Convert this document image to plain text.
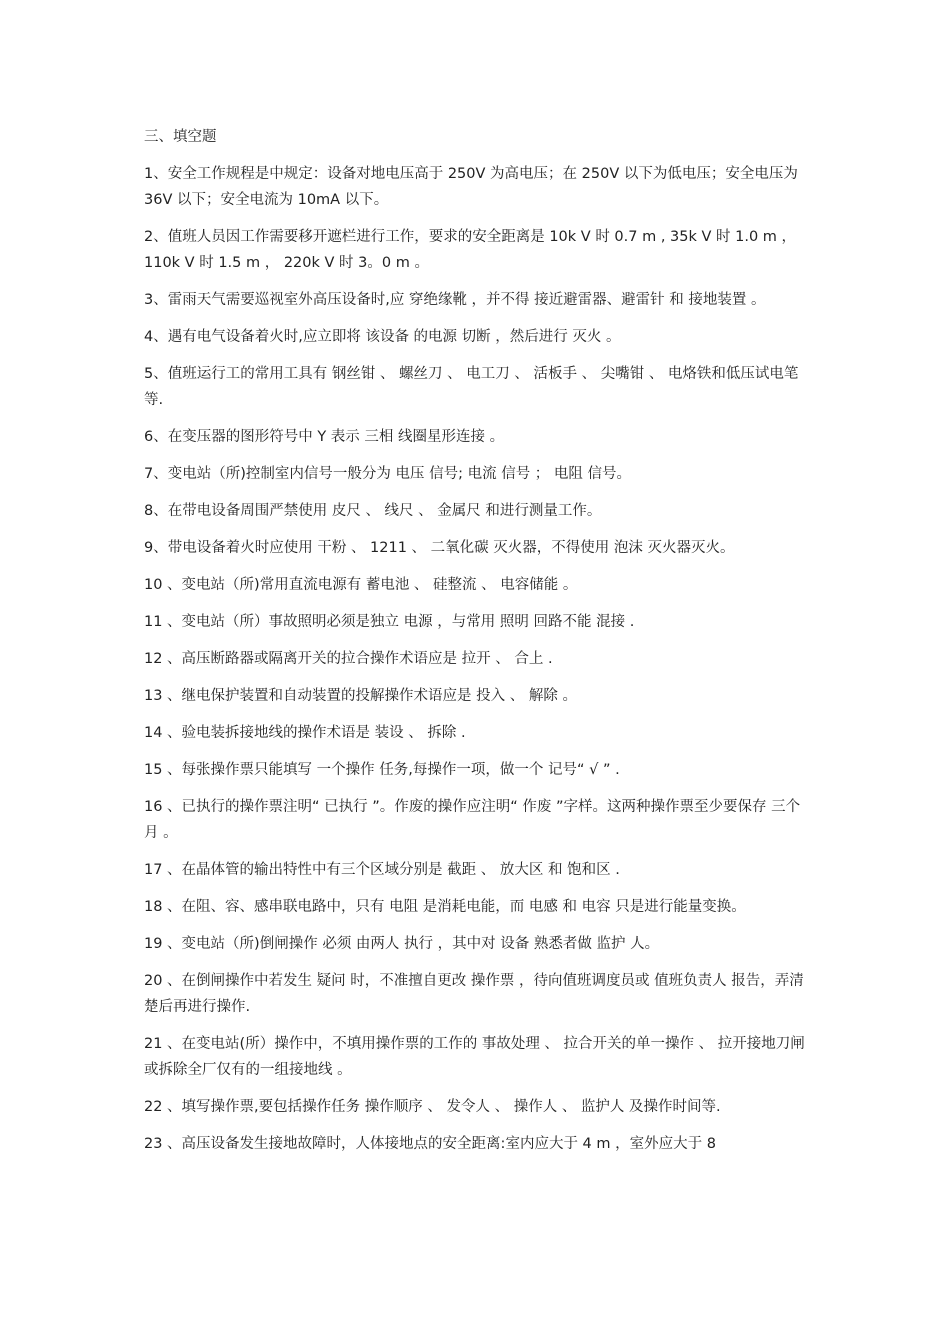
三、填空题
1、安全工作规程是中规定：设备对地电压高于 250V 为高电压；在 250V 以下为低电压；安全电压为 36V 以下；安全电流为 10mA 以下。
2、值班人员因工作需要移开遮栏进行工作，要求的安全距离是 10k V 时 0.7 m , 35k V 时 1.0 m ， 110k V 时 1.5 m ， 220k V 时 3。0 m 。
3、雷雨天气需要巡视室外高压设备时,应 穿绝缘靴 ，并不得 接近避雷器、避雷针 和 接地装置 。
4、遇有电气设备着火时,应立即将 该设备 的电源 切断 ，然后进行 灭火 。
5、值班运行工的常用工具有 钢丝钳 、 螺丝刀 、 电工刀 、 活板手 、 尖嘴钳 、 电烙铁和低压试电笔等.
6、在变压器的图形符号中 Y 表示 三相 线圈星形连接 。
7、变电站（所)控制室内信号一般分为 电压 信号; 电流 信号 ； 电阻 信号。
8、在带电设备周围严禁使用 皮尺 、 线尺 、 金属尺 和进行测量工作。
9、带电设备着火时应使用 干粉 、 1211 、 二氧化碳 灭火器，不得使用 泡沫 灭火器灭火。
10 、变电站（所)常用直流电源有 蓄电池 、 硅整流 、 电容储能 。
11 、变电站（所）事故照明必须是独立 电源 ，与常用 照明 回路不能 混接 .
12 、高压断路器或隔离开关的拉合操作术语应是 拉开 、 合上 .
13 、继电保护装置和自动装置的投解操作术语应是 投入 、 解除 。
14 、验电装拆接地线的操作术语是 装设 、 拆除 .
15 、每张操作票只能填写 一个操作 任务,每操作一项，做一个 记号“ √ ” .
16 、已执行的操作票注明“ 已执行 ”。作废的操作应注明“ 作废 ”字样。这两种操作票至少要保存 三个月 。
17 、在晶体管的输出特性中有三个区域分别是 截距 、 放大区 和 饱和区 .
18 、在阻、容、感串联电路中，只有 电阻 是消耗电能，而 电感 和 电容 只是进行能量变换。
19 、变电站（所)倒闸操作 必须 由两人 执行 ，其中对 设备 熟悉者做 监护 人。
20 、在倒闸操作中若发生 疑问 时，不准擅自更改 操作票 ，待向值班调度员或 值班负责人 报告，弄清楚后再进行操作.
21 、在变电站(所）操作中，不填用操作票的工作的 事故处理 、 拉合开关的单一操作 、 拉开接地刀闸或拆除全厂仅有的一组接地线 。
22 、填写操作票,要包括操作任务 操作顺序 、 发令人 、 操作人 、 监护人 及操作时间等.
23 、高压设备发生接地故障时，人体接地点的安全距离:室内应大于 4 m ，室外应大于 8
